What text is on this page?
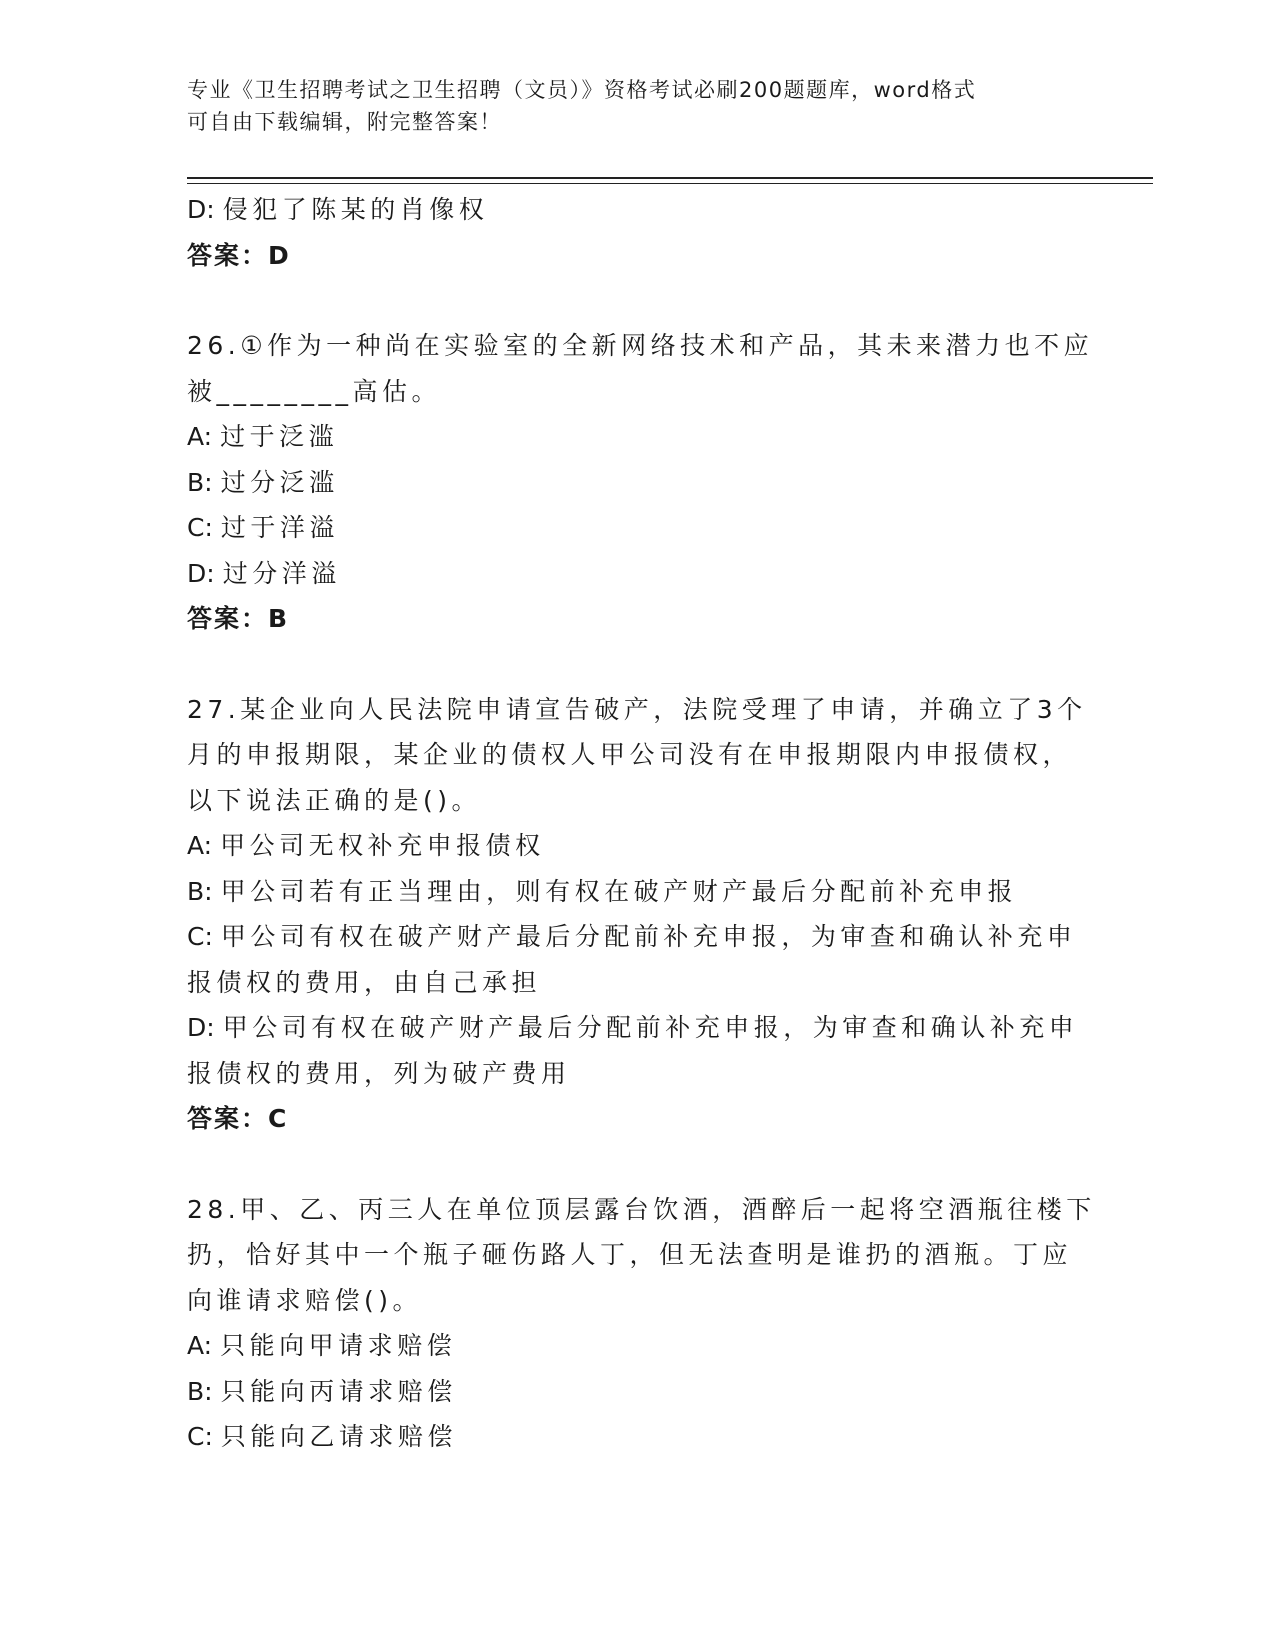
专业《卫生招聘考试之卫生招聘（文员）》资格考试必刷200题题库，word格式
可自由下载编辑，附完整答案！
D: 侵犯了陈某的肖像权
答案：D
26.①作为一种尚在实验室的全新网络技术和产品，其未来潜力也不应
被________高估。
A: 过于泛滥
B: 过分泛滥
C: 过于洋溢
D: 过分洋溢
答案：B
27.某企业向人民法院申请宣告破产，法院受理了申请，并确立了3个
月的申报期限，某企业的债权人甲公司没有在申报期限内申报债权，
以下说法正确的是()。
A: 甲公司无权补充申报债权
B: 甲公司若有正当理由，则有权在破产财产最后分配前补充申报
C: 甲公司有权在破产财产最后分配前补充申报，为审查和确认补充申
报债权的费用，由自己承担
D: 甲公司有权在破产财产最后分配前补充申报，为审查和确认补充申
报债权的费用，列为破产费用
答案：C
28.甲、乙、丙三人在单位顶层露台饮酒，酒醉后一起将空酒瓶往楼下
扔，恰好其中一个瓶子砸伤路人丁，但无法查明是谁扔的酒瓶。丁应
向谁请求赔偿()。
A: 只能向甲请求赔偿
B: 只能向丙请求赔偿
C: 只能向乙请求赔偿
